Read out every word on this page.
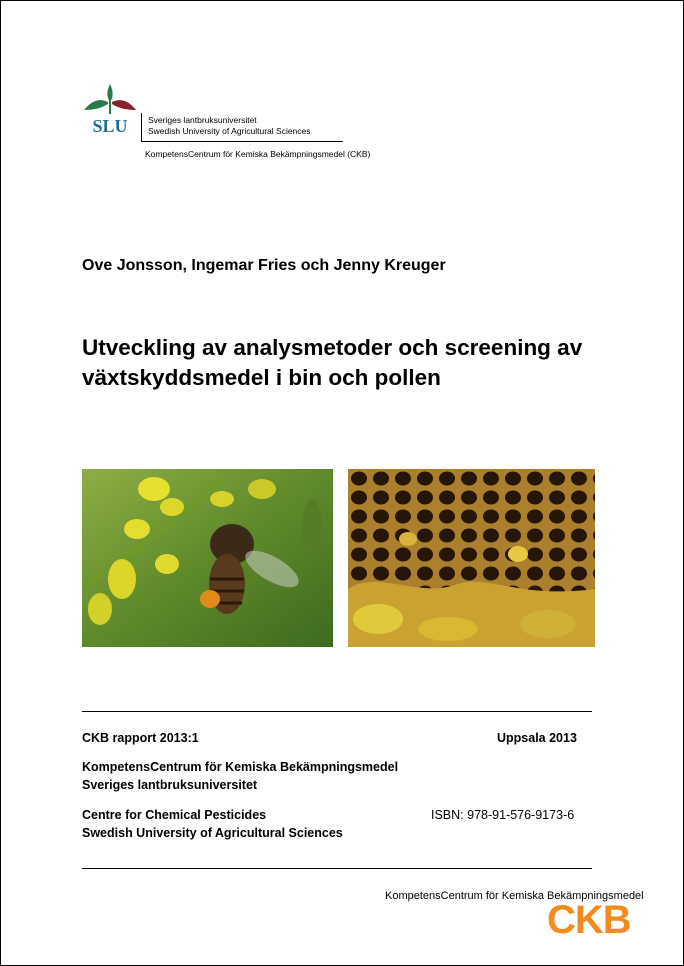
SLU Sveriges lantbruksuniversitet
Swedish University of Agricultural Sciences
KompetensCentrum för Kemiska Bekämpningsmedel (CKB)
Ove Jonsson, Ingemar Fries och Jenny Kreuger
Utveckling av analysmetoder och screening av
växtskyddsmedel i bin och pollen
CKB rapport 2013:1	Uppsala 2013
KompetensCentrum för Kemiska Bekämpningsmedel
Sveriges lantbruksuniversitet
Centre for Chemical Pesticides	ISBN: 978-91-576-9173-6
Swedish University of Agricultural Sciences
KompetensCentrum för Kemiska Bekämpningsmedel
CKB
